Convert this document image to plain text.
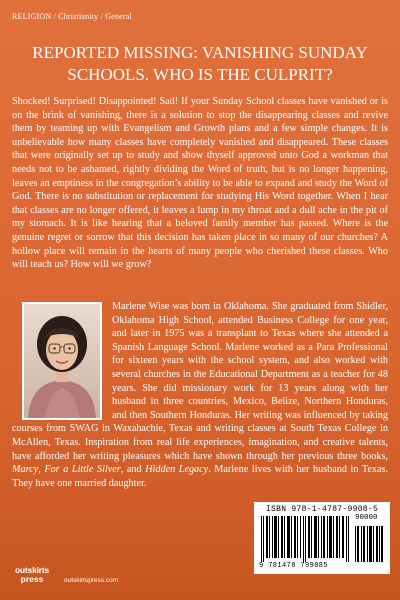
RELIGION / Christianity / General
REPORTED MISSING: VANISHING SUNDAY SCHOOLS. WHO IS THE CULPRIT?
Shocked! Surprised! Disappointed! Sad! If your Sunday School classes have vanished or is on the brink of vanishing, there is a solution to stop the disappearing classes and revive them by teaming up with Evangelism and Growth plans and a few simple changes. It is unbelievable how many classes have completely vanished and disappeared. These classes that were originally set up to study and show thyself approved unto God a workman that needs not to be ashamed, rightly dividing the Word of truth, but is no longer happening, leaves an emptiness in the congregation’s ability to be able to expand and study the Word of God. There is no substitution or replacement for studying His Word together. When I hear that classes are no longer offered, it leaves a lump in my throat and a dull ache in the pit of my stomach. It is like hearing that a beloved family member has passed. Where is the genuine regret or sorrow that this decision has taken place in so many of our churches? A hollow place will remain in the hearts of many people who cherished these classes. Who will teach us? How will we grow?
Marlene Wise was born in Oklahoma. She graduated from Shidler, Oklahoma High School, attended Business College for one year, and later in 1975 was a transplant to Texas where she attended a Spanish Language School. Marlene worked as a Para Professional for sixteen years with the school system, and also worked with several churches in the Educational Department as a teacher for 48 years. She did missionary work for 13 years along with her husband in three countries, Mexico, Belize, Northern Honduras, and then Southern Honduras. Her writing was influenced by taking courses from SWAG in Waxahachie, Texas and writing classes at South Texas College in McAllen, Texas. Inspiration from real life experiences, imagination, and creative talents, have afforded her writing pleasures which have shown through her previous three books, Marcy, For a Little Silver, and Hidden Legacy. Marlene lives with her husband in Texas. They have one married daughter.
ISBN 978-1-4787-9908-5
90000
9 781478 799085
outskirts
press	outskirtspress.com
